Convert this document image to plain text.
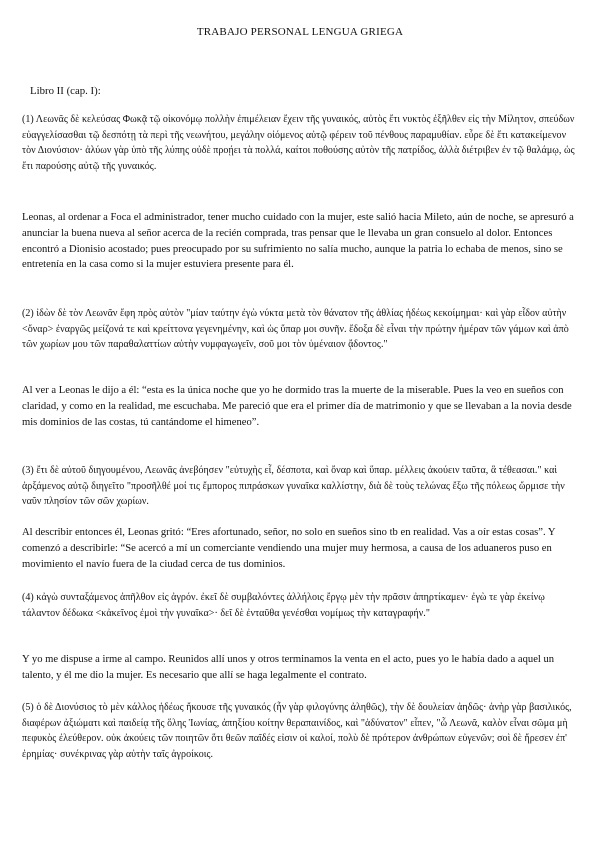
TRABAJO PERSONAL LENGUA GRIEGA
Libro II (cap. I):

(1) Λεωνᾶς δὲ κελεύσας Φωκᾷ τῷ οἰκονόμῳ πολλὴν ἐπιμέλειαν ἔχειν τῆς γυναικός, αὐτὸς ἔτι νυκτὸς ἐξῆλθεν εἰς τὴν Μίλητον, σπεύδων εὐαγγελίσασθαι τῷ δεσπότῃ τὰ περὶ τῆς νεωνήτου, μεγάλην οἰόμενος αὐτῷ φέρειν τοῦ πένθους παραμυθίαν. εὗρε δὲ ἔτι κατακείμενον τὸν Διονύσιον· ἀλύων γὰρ ὑπὸ τῆς λύπης οὐδὲ προῄει τὰ πολλά, καίτοι ποθούσης αὐτὸν τῆς πατρίδος, ἀλλὰ διέτριβεν ἐν τῷ θαλάμῳ, ὡς ἔτι παρούσης αὐτῷ τῆς γυναικός.

Leonas, al ordenar a Foca el administrador, tener mucho cuidado con la mujer, este salió hacia Mileto, aún de noche, se apresuró a anunciar la buena nueva al señor acerca de la recién comprada, tras pensar que le llevaba un gran consuelo al dolor. Entonces encontró a Dionisio acostado; pues preocupado por su sufrimiento no salía mucho, aunque la patria lo echaba de menos, sino se entretenía en la casa como si la mujer estuviera presente para él.

(2) ἰδὼν δὲ τὸν Λεωνᾶν ἔφη πρὸς αὐτὸν "μίαν ταύτην ἐγὼ νύκτα μετὰ τὸν θάνατον τῆς ἀθλίας ἡδέως κεκοίμημαι· καὶ γὰρ εἶδον αὐτὴν <ὄναρ> ἐναργῶς μείζονά τε καὶ κρείττονα γεγενημένην, καὶ ὡς ὕπαρ μοι συνῆν. ἔδοξα δὲ εἶναι τὴν πρώτην ἡμέραν τῶν γάμων καὶ ἀπὸ τῶν χωρίων μου τῶν παραθαλαττίων αὐτὴν νυμφαγωγεῖν, σοῦ μοι τὸν ὑμέναιον ᾄδοντος."

Al ver a Leonas le dijo a él: “esta es la única noche que yo he dormido tras la muerte de la miserable. Pues la veo en sueños con claridad, y como en la realidad, me escuchaba. Me pareció que era el primer día de matrimonio y que se llevaban a la novia desde mis dominios de las costas, tú cantándome el himeneo”.

(3) ἔτι δὲ αὐτοῦ διηγουμένου, Λεωνᾶς ἀνεβόησεν "εὐτυχὴς εἶ, δέσποτα, καὶ ὄναρ καὶ ὕπαρ. μέλλεις ἀκούειν ταῦτα, ἃ τέθεασαι." καὶ ἀρξάμενος αὐτῷ διηγεῖτο "προσῆλθέ μοί τις ἔμπορος πιπράσκων γυναῖκα καλλίστην, διὰ δὲ τοὺς τελώνας ἔξω τῆς πόλεως ὥρμισε τὴν ναῦν πλησίον τῶν σῶν χωρίων.

Al describir entonces él, Leonas gritó: “Eres afortunado, señor, no solo en sueños sino tb en realidad. Vas a oír estas cosas”. Y comenzó a describirle: “Se acercó a mí un comerciante vendiendo una mujer muy hermosa, a causa de los aduaneros puso en movimiento el navío fuera de la ciudad cerca de tus dominios.

(4) κἀγὼ συνταξάμενος ἀπῆλθον εἰς ἀγρόν. ἐκεῖ δὲ συμβαλόντες ἀλλήλοις ἔργῳ μὲν τὴν πρᾶσιν ἀπηρτίκαμεν· ἐγὼ τε γὰρ ἐκείνῳ τάλαντον δέδωκα <κἀκεῖνος ἐμοὶ τὴν γυναῖκα>· δεῖ δὲ ἐνταῦθα γενέσθαι νομίμως τὴν καταγραφήν."

Y yo me dispuse a irme al campo. Reunidos allí unos y otros terminamos la venta en el acto, pues yo le había dado a aquel un talento, y él me dio la mujer. Es necesario que allí se haga legalmente el contrato.

(5) ὁ δὲ Διονύσιος τὸ μὲν κάλλος ἡδέως ἤκουσε τῆς γυναικός (ἦν γὰρ φιλογύνης ἀληθῶς), τὴν δὲ δουλείαν ἀηδῶς· ἀνὴρ γὰρ βασιλικός, διαφέρων ἀξιώματι καὶ παιδείᾳ τῆς ὅλης Ἰωνίας, ἀπηξίου κοίτην θεραπαινίδος, καὶ "ἀδύνατον" εἶπεν, "ὦ Λεωνᾶ, καλὸν εἶναι σῶμα μὴ πεφυκὸς ἐλεύθερον. οὐκ ἀκούεις τῶν ποιητῶν ὅτι θεῶν παῖδές εἰσιν οἱ καλοί, πολὺ δὲ πρότερον ἀνθρώπων εὐγενῶν; σοὶ δὲ ἤρεσεν ἐπ' ἐρημίας· συνέκρινας γὰρ αὐτὴν ταῖς ἀγροίκοις.
